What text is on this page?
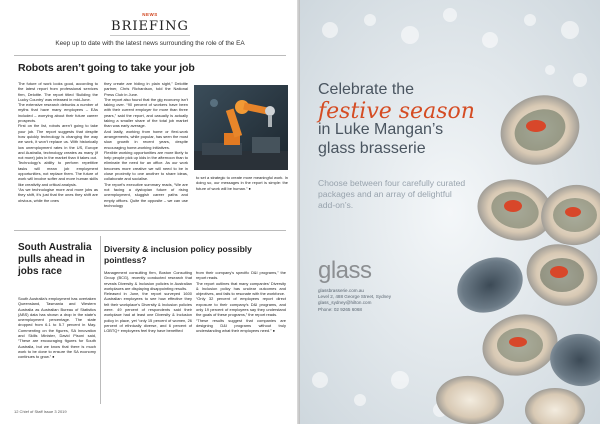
NEWS
BRIEFING
Keep up to date with the latest news surrounding the role of the EA
Robots aren’t going to take your job

The future of work looks good, according to the latest report from professional services firm, Deloitte. The report titled ‘Building the Lucky Country’ was released in mid-June.

The extensive research debunks a number of myths that have many employees – EAs included – worrying about their future career prospects.

First on the list, robots aren’t going to take your job. The report suggests that despite how quickly technology is changing the way we work, it won’t replace us. With historically low unemployment rates in the US, Europe and Australia, technology creates as many (if not more) jobs in the market than it takes out.

Technology’s ability to perform repetitive tasks will mean job employment opportunities, not replace them. The future of work will involve softer and more human skills like creativity and critical analysis.

“As we technologise more and more jobs as they shift, it’s just that the ones they shift are obvious, while the ones

they create are hiding in plain sight,” Deloitte partner, Chris Richardson, told the National Press Club in June.

The report also found that the gig economy isn’t taking over. “90 percent of workers have been with their current employer for more than three years,” said the report, and casually is actually taking a smaller share of the total job market than was early average.

And lastly, working from home or flexi-work arrangements, while popular, has seen the most slow growth in recent years, despite encouraging home-working initiatives.

Flexible working opportunities are more likely to help people pick up kids in the afternoon than to eliminate the need for an office. As our work becomes more creative we will need to be in close proximity to one another to share ideas, collaborate and socialise.

The report’s executive summary reads, “We are not facing a dystopian future of rising unemployment, sluggish career paths and empty offices. Quite the opposite – we can use technology

to set a strategic to create more meaningful work. In doing so, our messages in the report is simple: the future of work will be human.” ●

South Australia pulls ahead in jobs race

South Australia’s employment has overtaken Queensland, Tasmania and Western Australia as Australian Bureau of Statistics (ABS) data has shown a drop in the state’s unemployment percentage. The state dropped from 6.1 to 5.7 percent in May. Commenting on the figures, SA Innovation and Skills Minister, David Pisoni said, “These are encouraging figures for South Australia, but we know that there is much work to be done to ensure the SA economy continues to grow.” ●

Diversity & inclusion policy possibly pointless?

Management consulting firm, Boston Consulting Group (BCG), recently conducted research that reveals Diversity & Inclusion policies in Australian workplaces are displaying disappointing results.

Released in June, the report surveyed 1600 Australian employees to see how effective they felt their workplace’s Diversity & Inclusion policies were. 49 percent of respondents said their workplace had at least one Diversity & Inclusion policy in place, yet “only 15 percent of women, 26 percent of ethnically diverse, and 6 percent of LGBTQ+ employees feel they have benefited

from their company’s specific D&I programs,” the report reads.

The report outlines that many companies’ Diversity & Inclusion policy has unclear outcomes and objectives, and fails to resonate with the workforce.

“Only 32 percent of employees report direct exposure to their company’s D&I programs, and only 19 percent of employees say they understand the goals of these programs,” the report reads.

“These results suggest that companies are designing D&I programs without truly understanding what their employees need.” ●

12 Chief of Staff Issue 3 2019
Celebrate the
festive season
in Luke Mangan’s
glass brasserie
Choose between four carefully curated packages and an array of delightful add-on’s.
glass
glassbrasserie.com.au
Level 2, 488 George Street, Sydney
glass_sydney@hilton.com
Phone: 02 9265 6068
